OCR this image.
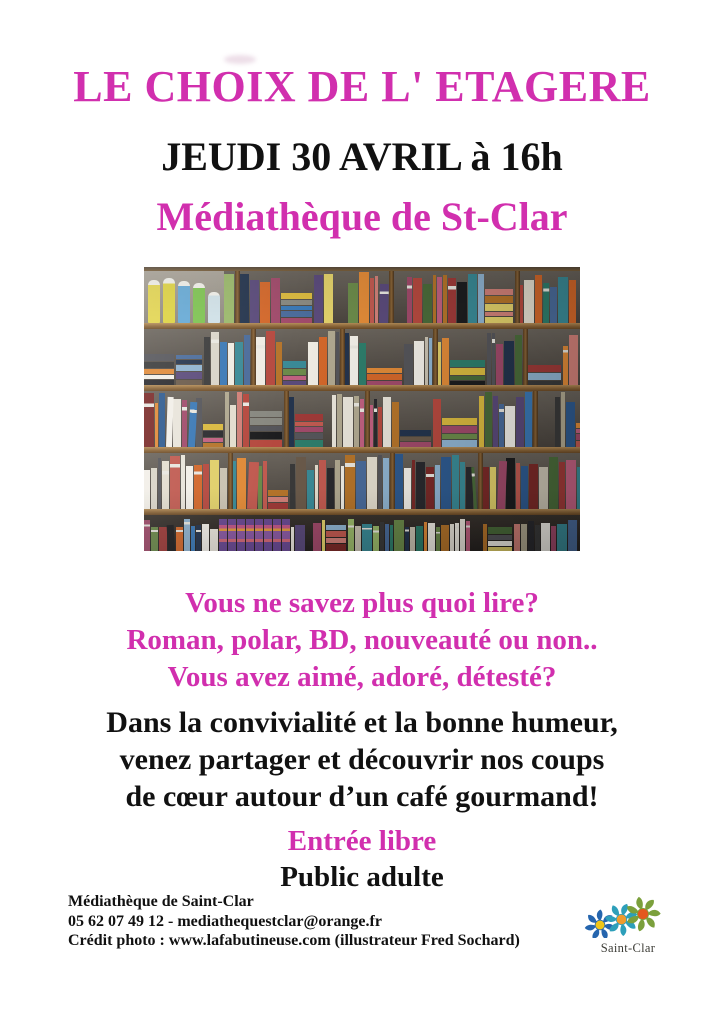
LE CHOIX DE L' ETAGERE
JEUDI 30 AVRIL à 16h
Médiathèque de St-Clar
Vous ne savez plus quoi lire?
Roman, polar, BD, nouveauté ou non..
Vous avez aimé, adoré, détesté?
Dans la convivialité et la bonne humeur,
venez partager et découvrir nos coups
de cœur autour d’un café gourmand!
Entrée libre
Public adulte
Médiathèque de Saint-Clar
05 62 07 49 12 - mediathequestclar@orange.fr
Crédit photo : www.lafabutineuse.com (illustrateur Fred Sochard)	Saint-Clar
